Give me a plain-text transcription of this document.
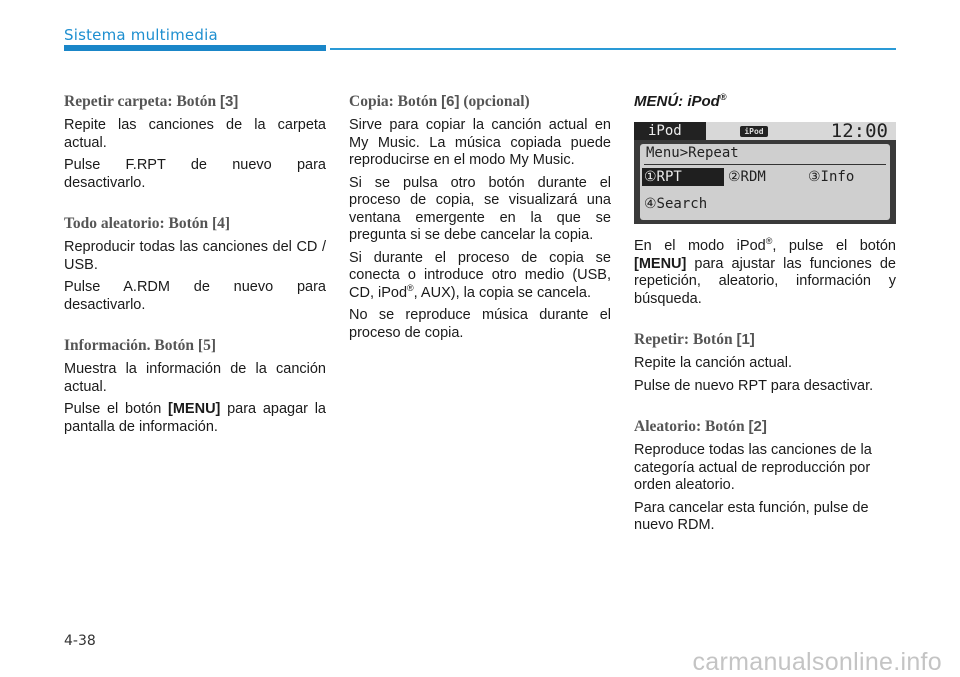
Sistema multimedia
Repetir carpeta: Botón [3]

Repite las canciones de la carpeta actual.

Pulse F.RPT de nuevo para desactivarlo.

Todo aleatorio: Botón [4]

Reproducir todas las canciones del CD / USB.

Pulse A.RDM de nuevo para desactivarlo.

Información. Botón [5]

Muestra la información de la canción actual.

Pulse el botón [MENU] para apagar la pantalla de información.

Copia: Botón [6] (opcional)

Sirve para copiar la canción actual en My Music. La música copiada puede reproducirse en el modo My Music.

Si se pulsa otro botón durante el proceso de copia, se visualizará una ventana emergente en la que se pregunta si se debe cancelar la copia.

Si durante el proceso de copia se conecta o introduce otro medio (USB, CD, iPod®, AUX), la copia se cancela.

No se reproduce música durante el proceso de copia.

MENÚ: iPod®
iPod	iPod	12:00
Menu>Repeat
①RPT	②RDM	③Info
④Search

En el modo iPod®, pulse el botón [MENU] para ajustar las funciones de repetición, aleatorio, información y búsqueda.

Repetir: Botón [1]

Repite la canción actual.

Pulse de nuevo RPT para desactivar.

Aleatorio: Botón [2]

Reproduce todas las canciones de la categoría actual de reproducción por orden aleatorio.

Para cancelar esta función, pulse de nuevo RDM.

4-38
carmanualsonline.info
